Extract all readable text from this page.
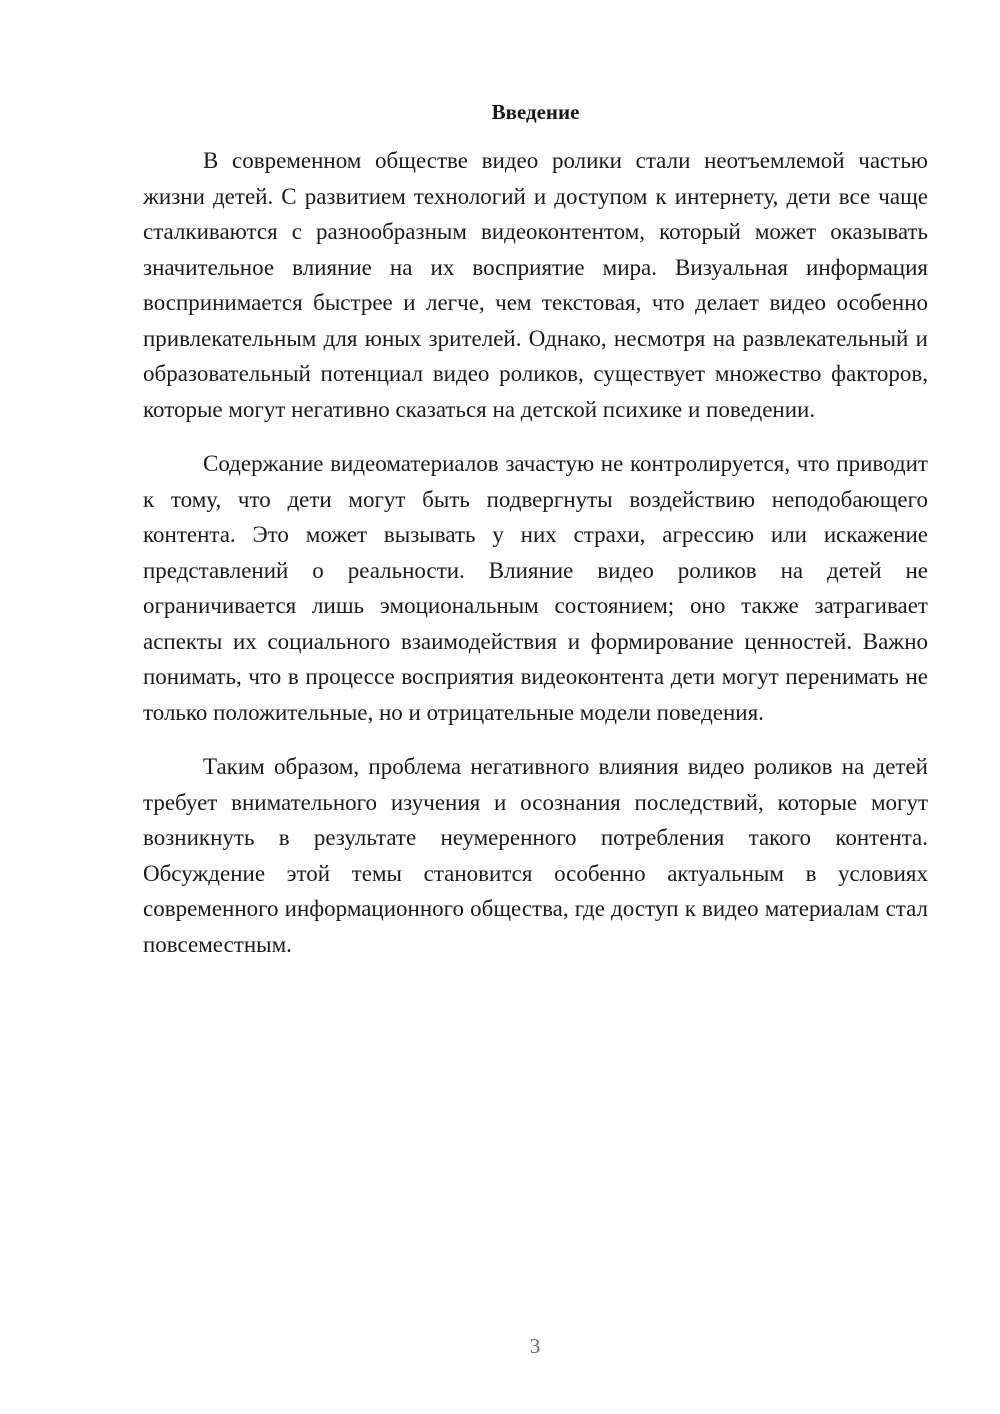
Введение

В современном обществе видео ролики стали неотъемлемой частью жизни детей. С развитием технологий и доступом к интернету, дети все чаще сталкиваются с разнообразным видеоконтентом, который может оказывать значительное влияние на их восприятие мира. Визуальная информация воспринимается быстрее и легче, чем текстовая, что делает видео особенно привлекательным для юных зрителей. Однако, несмотря на развлекательный и образовательный потенциал видео роликов, существует множество факторов, которые могут негативно сказаться на детской психике и поведении.

Содержание видеоматериалов зачастую не контролируется, что приводит к тому, что дети могут быть подвергнуты воздействию неподобающего контента. Это может вызывать у них страхи, агрессию или искажение представлений о реальности. Влияние видео роликов на детей не ограничивается лишь эмоциональным состоянием; оно также затрагивает аспекты их социального взаимодействия и формирование ценностей. Важно понимать, что в процессе восприятия видеоконтента дети могут перенимать не только положительные, но и отрицательные модели поведения.

Таким образом, проблема негативного влияния видео роликов на детей требует внимательного изучения и осознания последствий, которые могут возникнуть в результате неумеренного потребления такого контента. Обсуждение этой темы становится особенно актуальным в условиях современного информационного общества, где доступ к видео материалам стал повсеместным.

3
